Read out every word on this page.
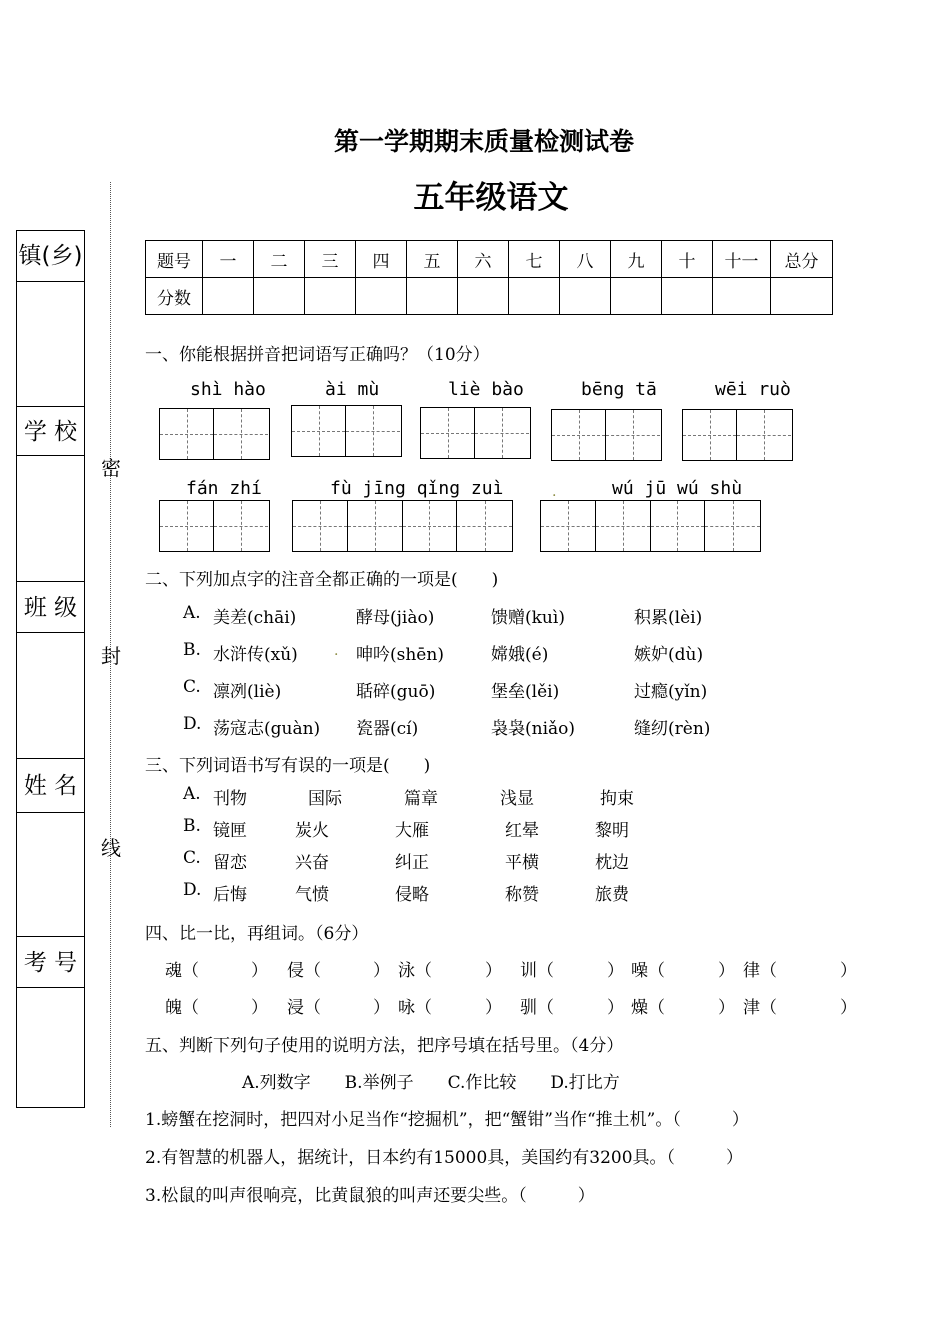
第一学期期末质量检测试卷
五年级语文
镇(乡)
学 校
班 级
姓 名
考 号
密
封
线
题号	一	二	三	四	五	六	七	八	九	十	十一	总分
分数												
一、你能根据拼音把词语写正确吗？（10分）
shì hào	ài mù	liè bào	bēng tā	wēi ruò
fán zhí	fù jīng qǐng zuì	.	wú jū wú shù
二、下列加点字的注音全都正确的一项是(　　)
A. 美差(chāi)	酵母(jiào)	馈赠(kuì)	积累(lèi)
B. 水浒传(xǔ)	. 呻吟(shēn)	嫦娥(é)	嫉妒(dù)
C. 凛冽(liè)	聒碎(guō)	堡垒(lěi)	过瘾(yǐn)
D. 荡寇志(guàn) 瓷器(cí)	袅袅(niǎo)	缝纫(rèn)
三、下列词语书写有误的一项是(　　)
A. 刊物	国际	篇章	浅显	拘束
B. 镜匣	炭火	大雁	红晕	黎明
C. 留恋	兴奋	纠正	平横	枕边
D. 后悔	气愤	侵略	称赞	旅费
四、比一比，再组词。（6分）
魂（	） 侵（	） 泳（	） 训（	） 噪（	） 律（	）
魄（	） 浸（	） 咏（	） 驯（	） 燥（	） 津（	）
五、判断下列句子使用的说明方法，把序号填在括号里。（4分）
A.列数字　　B.举例子　　C.作比较　　D.打比方
1.螃蟹在挖洞时，把四对小足当作“挖掘机”，把“蟹钳”当作“推土机”。（　　　）
2.有智慧的机器人，据统计，日本约有15000具，美国约有3200具。（　　　）
3.松鼠的叫声很响亮，比黄鼠狼的叫声还要尖些。（　　　）
